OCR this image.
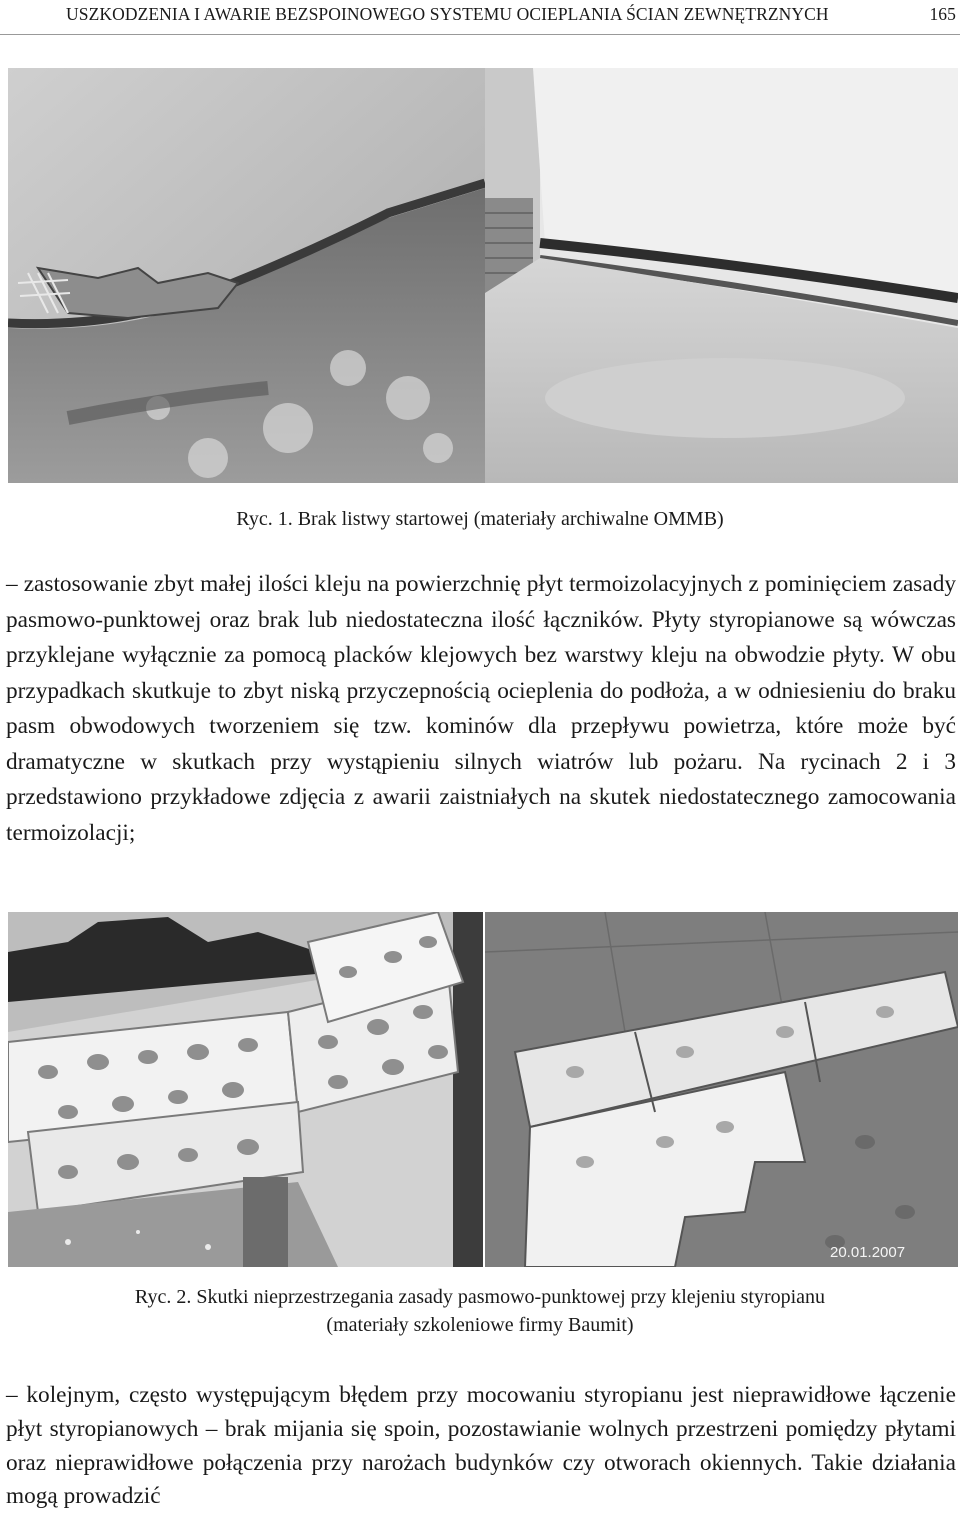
USZKODZENIA I AWARIE BEZSPOINOWEGO SYSTEMU OCIEPLANIA ŚCIAN ZEWNĘTRZNYCH	165
Ryc. 1. Brak listwy startowej (materiały archiwalne OMMB)

– zastosowanie zbyt małej ilości kleju na powierzchnię płyt termoizolacyjnych z pominięciem zasady pasmowo-punktowej oraz brak lub niedostateczna ilość łączników. Płyty styropianowe są wówczas przyklejane wyłącznie za pomocą placków klejowych bez warstwy kleju na obwodzie płyty. W obu przypadkach skutkuje to zbyt niską przyczepnością ocieplenia do podłoża, a w odniesieniu do braku pasm obwodowych tworzeniem się tzw. kominów dla przepływu powietrza, które może być dramatyczne w skutkach przy wystąpieniu silnych wiatrów lub pożaru. Na rycinach 2 i 3 przedstawiono przykładowe zdjęcia z awarii zaistniałych na skutek niedostatecznego zamocowania termoizolacji;

20.01.2007
Ryc. 2. Skutki nieprzestrzegania zasady pasmowo-punktowej przy klejeniu styropianu
(materiały szkoleniowe firmy Baumit)

– kolejnym, często występującym błędem przy mocowaniu styropianu jest nieprawidłowe łączenie płyt styropianowych – brak mijania się spoin, pozostawianie wolnych przestrzeni pomiędzy płytami oraz nieprawidłowe połączenia przy narożach budynków czy otworach okiennych. Takie działania mogą prowadzić
